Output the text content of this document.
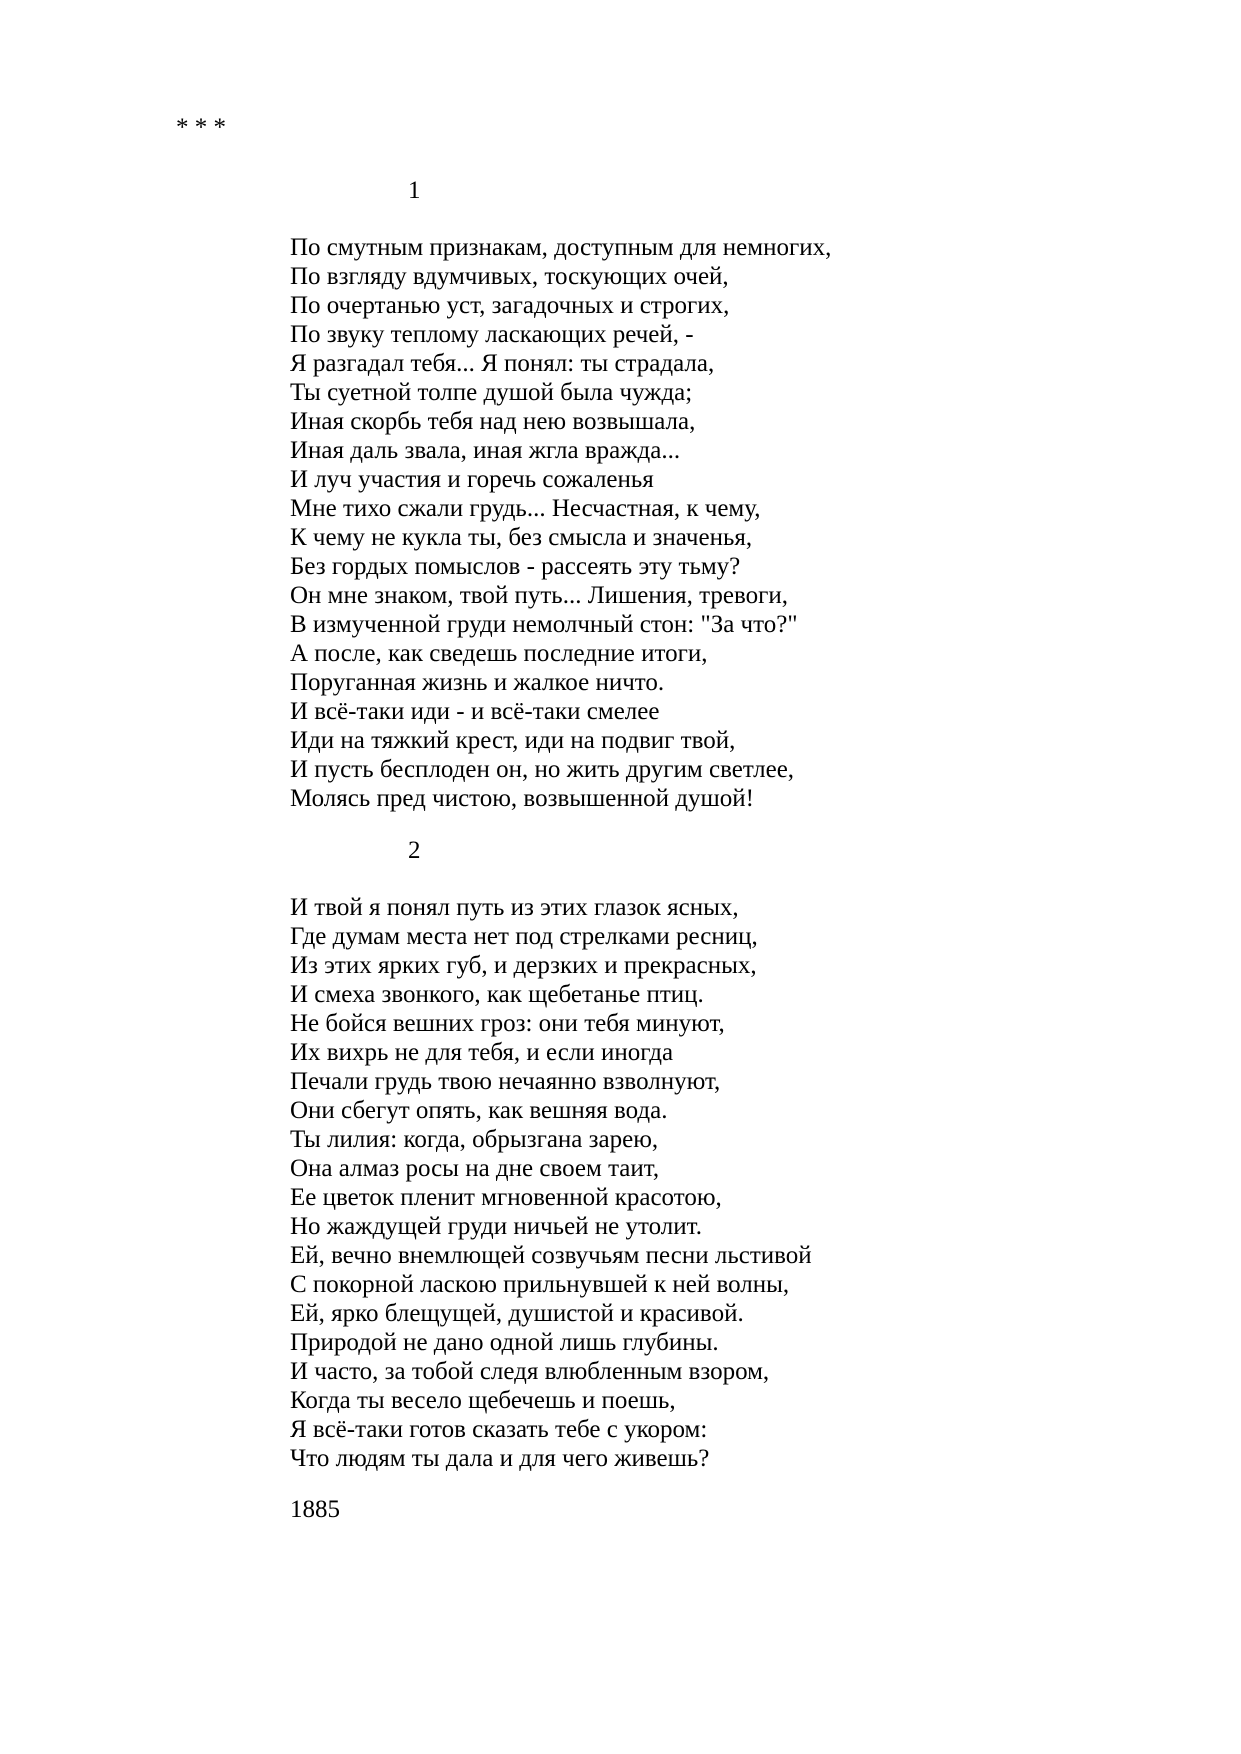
* * *

1

По смутным признакам, доступным для немногих,
По взгляду вдумчивых, тоскующих очей,
По очертанью уст, загадочных и строгих,
По звуку теплому ласкающих речей, -
Я разгадал тебя... Я понял: ты страдала,
Ты суетной толпе душой была чужда;
Иная скорбь тебя над нею возвышала,
Иная даль звала, иная жгла вражда...
И луч участия и горечь сожаленья
Мне тихо сжали грудь... Несчастная, к чему,
К чему не кукла ты, без смысла и значенья,
Без гордых помыслов - рассеять эту тьму?
Он мне знаком, твой путь... Лишения, тревоги,
В измученной груди немолчный стон: "За что?"
А после, как сведешь последние итоги,
Поруганная жизнь и жалкое ничто.
И всё-таки иди - и всё-таки смелее
Иди на тяжкий крест, иди на подвиг твой,
И пусть бесплоден он, но жить другим светлее,
Молясь пред чистою, возвышенной душой!

2

И твой я понял путь из этих глазок ясных,
Где думам места нет под стрелками ресниц,
Из этих ярких губ, и дерзких и прекрасных,
И смеха звонкого, как щебетанье птиц.
Не бойся вешних гроз: они тебя минуют,
Их вихрь не для тебя, и если иногда
Печали грудь твою нечаянно взволнуют,
Они сбегут опять, как вешняя вода.
Ты лилия: когда, обрызгана зарею,
Она алмаз росы на дне своем таит,
Ее цветок пленит мгновенной красотою,
Но жаждущей груди ничьей не утолит.
Ей, вечно внемлющей созвучьям песни льстивой
С покорной ласкою прильнувшей к ней волны,
Ей, ярко блещущей, душистой и красивой.
Природой не дано одной лишь глубины.
И часто, за тобой следя влюбленным взором,
Когда ты весело щебечешь и поешь,
Я всё-таки готов сказать тебе с укором:
Что людям ты дала и для чего живешь?

1885
